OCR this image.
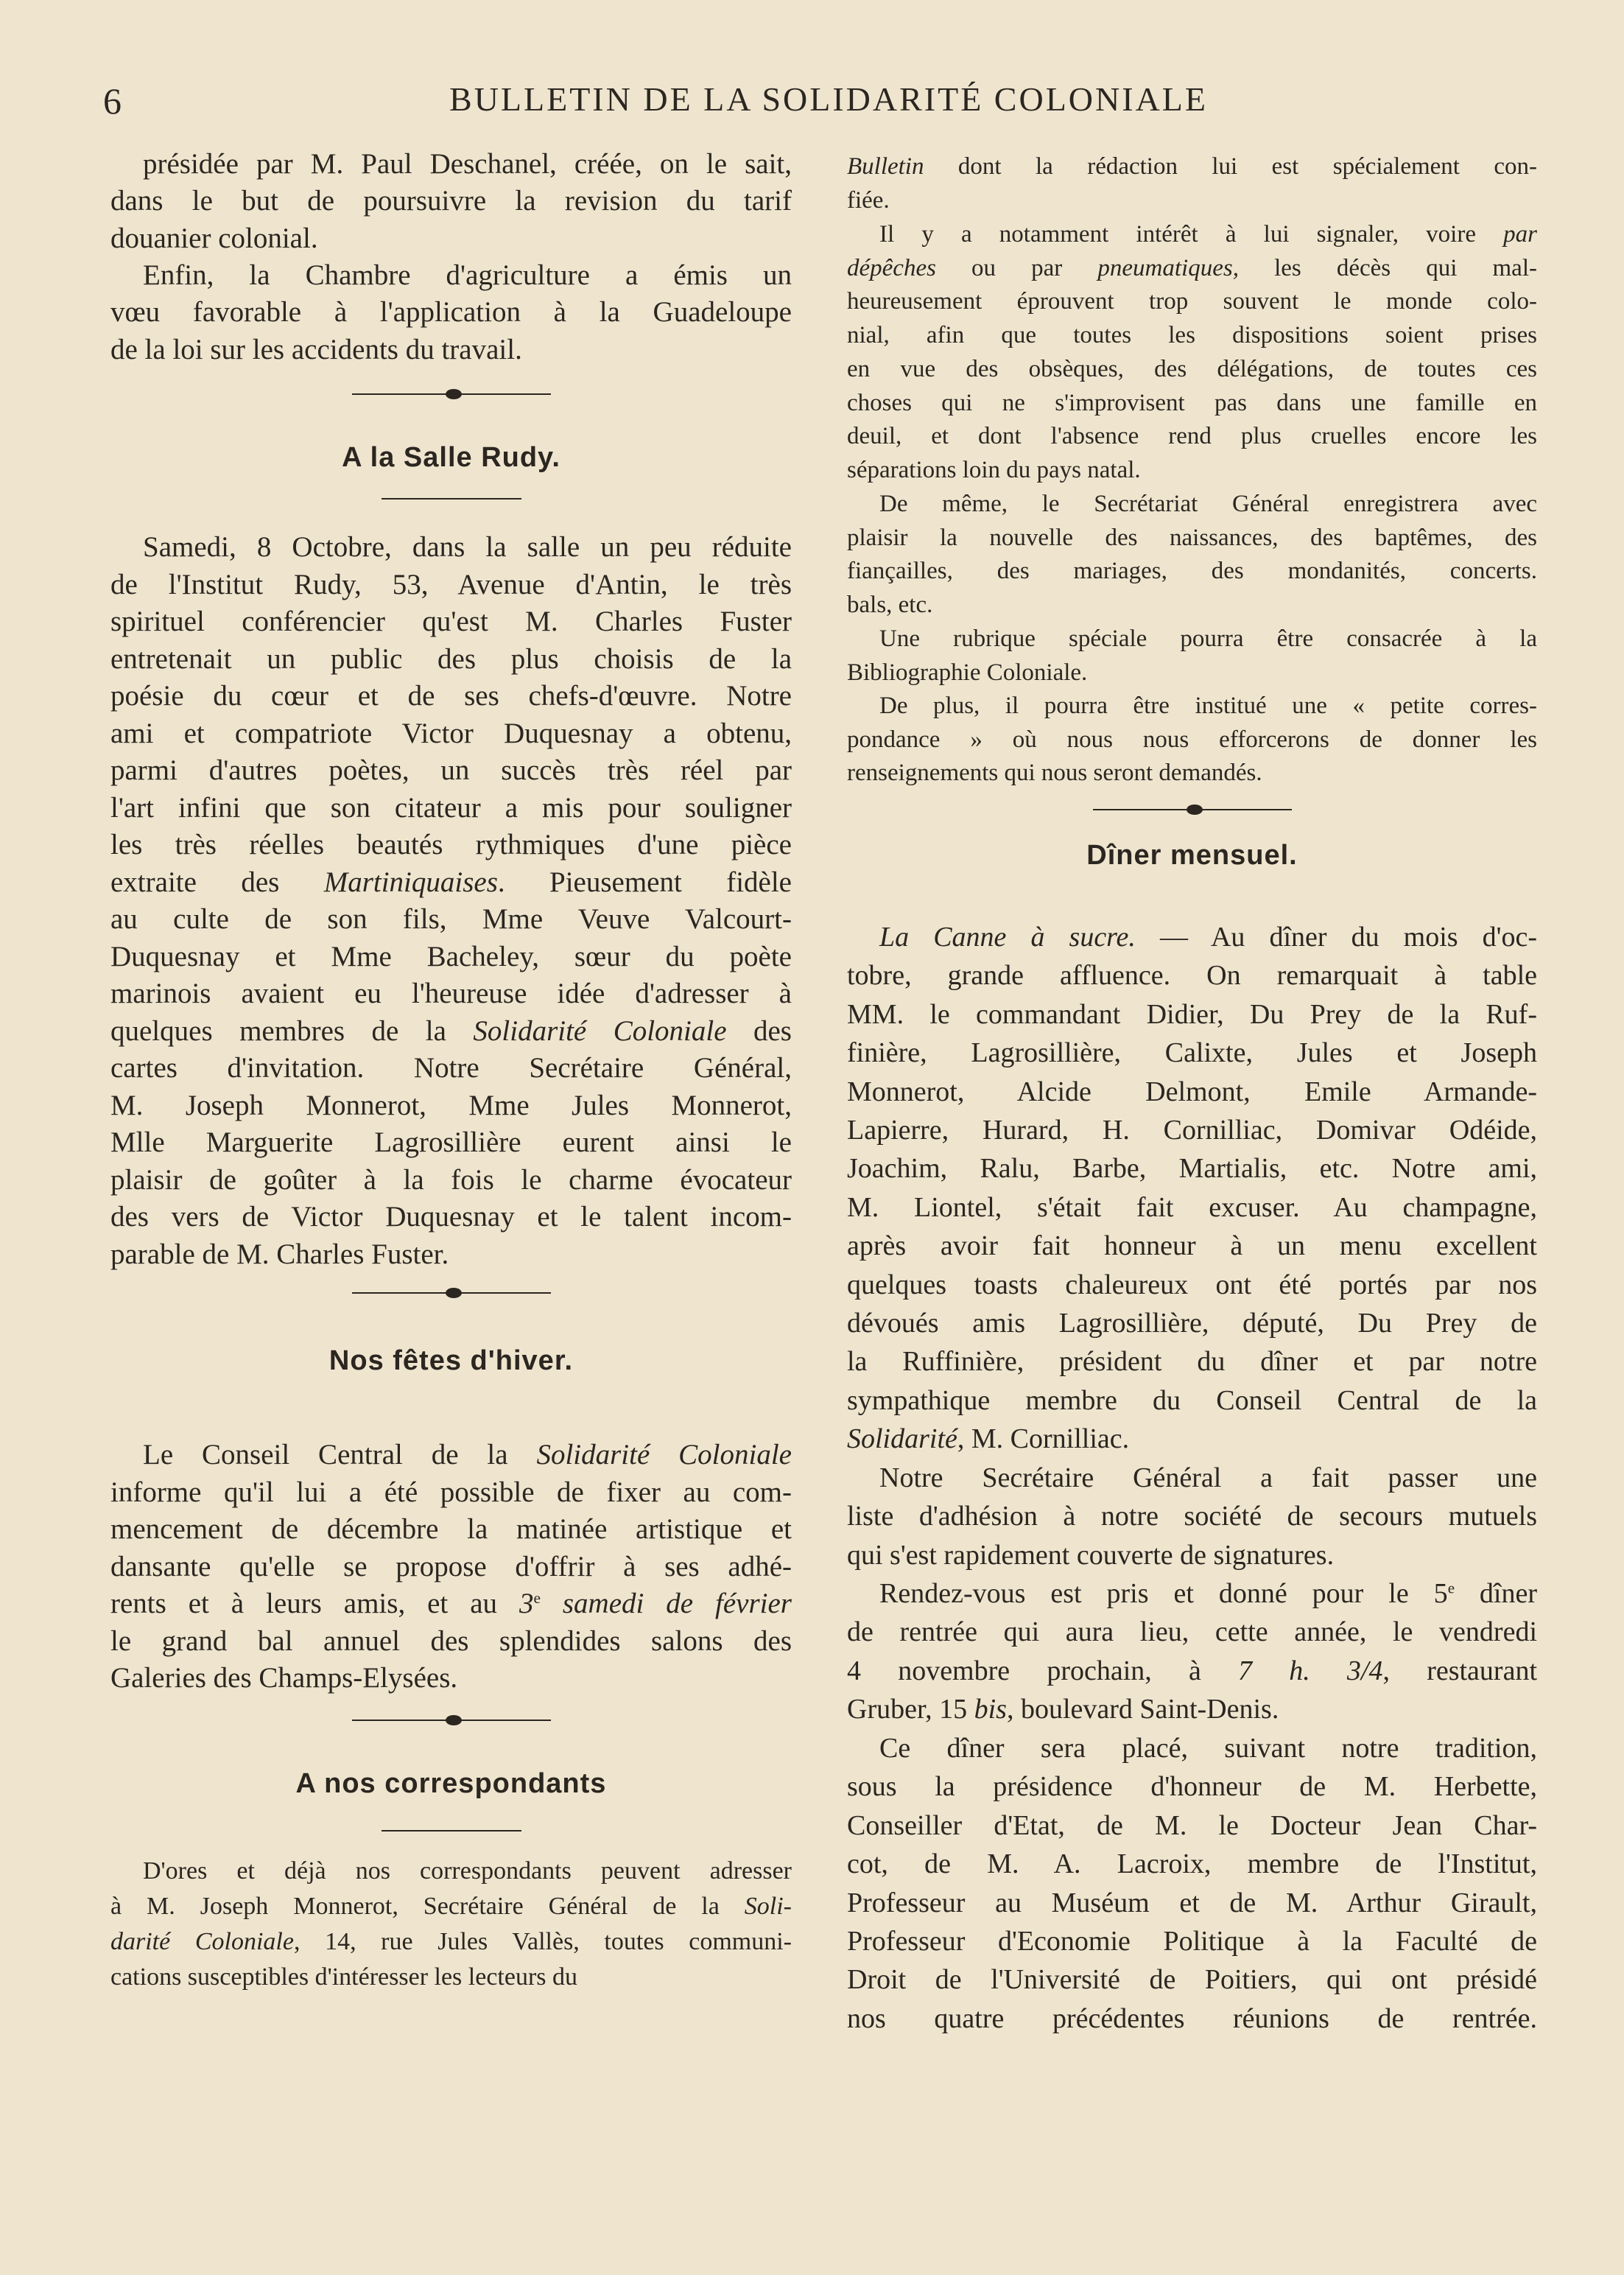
6	BULLETIN DE LA SOLIDARITÉ COLONIALE
présidée par M. Paul Deschanel, créée, on le sait,
dans le but de poursuivre la revision du tarif
douanier colonial.
Enfin, la Chambre d'agriculture a émis un
vœu favorable à l'application à la Guadeloupe
de la loi sur les accidents du travail.
A la Salle Rudy.
Samedi, 8 Octobre, dans la salle un peu réduite
de l'Institut Rudy, 53, Avenue d'Antin, le très
spirituel conférencier qu'est M. Charles Fuster
entretenait un public des plus choisis de la
poésie du cœur et de ses chefs-d'œuvre. Notre
ami et compatriote Victor Duquesnay a obtenu,
parmi d'autres poètes, un succès très réel par
l'art infini que son citateur a mis pour souligner
les très réelles beautés rythmiques d'une pièce
extraite des Martiniquaises. Pieusement fidèle
au culte de son fils, Mme Veuve Valcourt-
Duquesnay et Mme Bacheley, sœur du poète
marinois avaient eu l'heureuse idée d'adresser à
quelques membres de la Solidarité Coloniale des
cartes d'invitation. Notre Secrétaire Général,
M. Joseph Monnerot, Mme Jules Monnerot,
Mlle Marguerite Lagrosillière eurent ainsi le
plaisir de goûter à la fois le charme évocateur
des vers de Victor Duquesnay et le talent incom-
parable de M. Charles Fuster.
Nos fêtes d'hiver.
Le Conseil Central de la Solidarité Coloniale
informe qu'il lui a été possible de fixer au com-
mencement de décembre la matinée artistique et
dansante qu'elle se propose d'offrir à ses adhé-
rents et à leurs amis, et au 3e samedi de février
le grand bal annuel des splendides salons des
Galeries des Champs-Elysées.
A nos correspondants
D'ores et déjà nos correspondants peuvent adresser
à M. Joseph Monnerot, Secrétaire Général de la Soli-
darité Coloniale, 14, rue Jules Vallès, toutes communi-
cations susceptibles d'intéresser les lecteurs du
Bulletin dont la rédaction lui est spécialement con-
fiée.
Il y a notamment intérêt à lui signaler, voire par
dépêches ou par pneumatiques, les décès qui mal-
heureusement éprouvent trop souvent le monde colo-
nial, afin que toutes les dispositions soient prises
en vue des obsèques, des délégations, de toutes ces
choses qui ne s'improvisent pas dans une famille en
deuil, et dont l'absence rend plus cruelles encore les
séparations loin du pays natal.
De même, le Secrétariat Général enregistrera avec
plaisir la nouvelle des naissances, des baptêmes, des
fiançailles, des mariages, des mondanités, concerts.
bals, etc.
Une rubrique spéciale pourra être consacrée à la
Bibliographie Coloniale.
De plus, il pourra être institué une « petite corres-
pondance » où nous nous efforcerons de donner les
renseignements qui nous seront demandés.
Dîner mensuel.
La Canne à sucre. — Au dîner du mois d'oc-
tobre, grande affluence. On remarquait à table
MM. le commandant Didier, Du Prey de la Ruf-
finière, Lagrosillière, Calixte, Jules et Joseph
Monnerot, Alcide Delmont, Emile Armande-
Lapierre, Hurard, H. Cornilliac, Domivar Odéide,
Joachim, Ralu, Barbe, Martialis, etc. Notre ami,
M. Liontel, s'était fait excuser. Au champagne,
après avoir fait honneur à un menu excellent
quelques toasts chaleureux ont été portés par nos
dévoués amis Lagrosillière, député, Du Prey de
la Ruffinière, président du dîner et par notre
sympathique membre du Conseil Central de la
Solidarité, M. Cornilliac.
Notre Secrétaire Général a fait passer une
liste d'adhésion à notre société de secours mutuels
qui s'est rapidement couverte de signatures.
Rendez-vous est pris et donné pour le 5e dîner
de rentrée qui aura lieu, cette année, le vendredi
4 novembre prochain, à 7 h. 3/4, restaurant
Gruber, 15 bis, boulevard Saint-Denis.
Ce dîner sera placé, suivant notre tradition,
sous la présidence d'honneur de M. Herbette,
Conseiller d'Etat, de M. le Docteur Jean Char-
cot, de M. A. Lacroix, membre de l'Institut,
Professeur au Muséum et de M. Arthur Girault,
Professeur d'Economie Politique à la Faculté de
Droit de l'Université de Poitiers, qui ont présidé
nos quatre précédentes réunions de rentrée.
